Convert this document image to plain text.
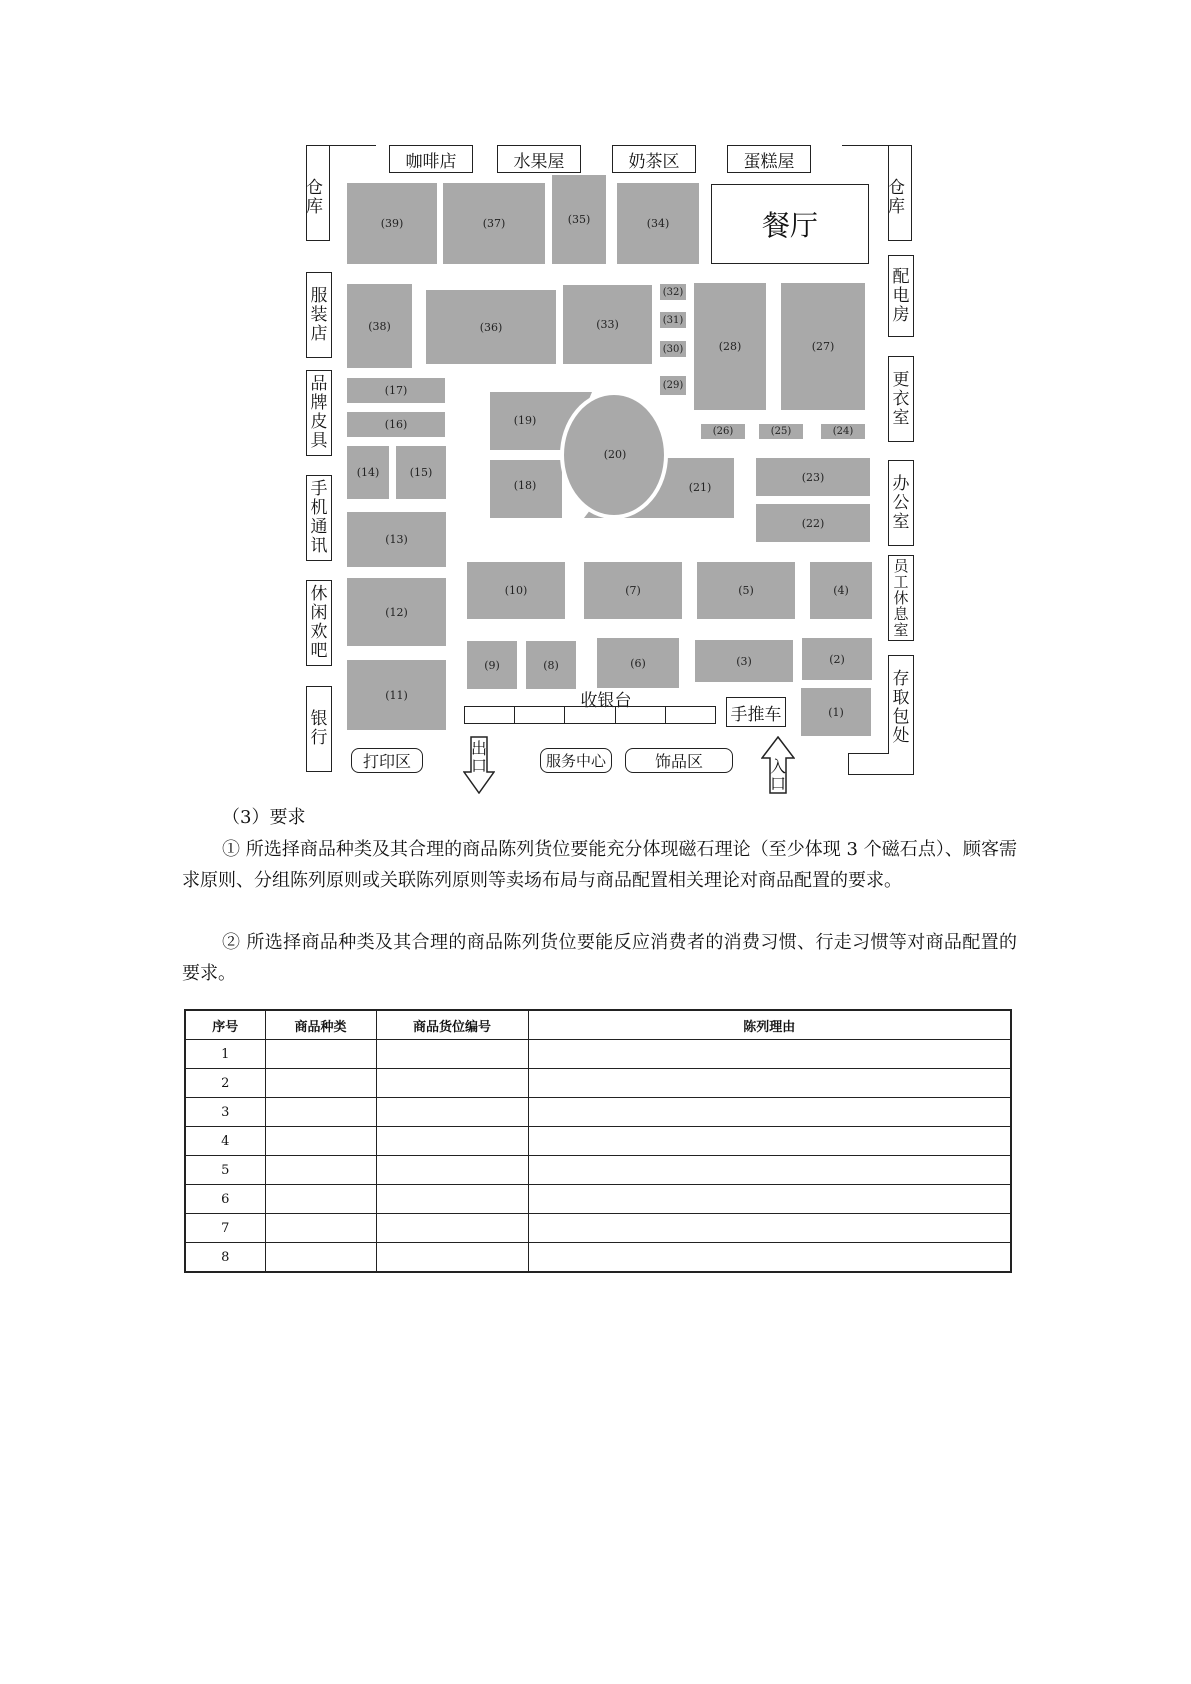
仓库
仓库
咖啡店	水果屋	奶茶区	蛋糕屋
餐厅
服装店
品牌皮具
手机通讯
休闲欢吧
银行
配电房
更衣室
办公室
员工休息室
存取包处
(39)	(37)	(35)	(34)
(38)	(36)	(33)
(32)
(31)
(30)
(29)
(28)	(27)
(26)	(25)	(24)
(17)
(16)
(14)	(15)
(19)
(18)
(20)
(21)
(23)
(22)
(13)
(12)
(11)
(10)	(7)	(5)	(4)
(9)	(8)	(6)	(3)	(2)
(1)
收银台
手推车
打印区	服务中心	饰品区
出口	入口
（3）要求
① 所选择商品种类及其合理的商品陈列货位要能充分体现磁石理论（至少体现 3 个磁石点）、顾客需求原则、分组陈列原则或关联陈列原则等卖场布局与商品配置相关理论对商品配置的要求。
② 所选择商品种类及其合理的商品陈列货位要能反应消费者的消费习惯、行走习惯等对商品配置的要求。
序号	商品种类	商品货位编号	陈列理由
1			
2			
3			
4			
5			
6			
7			
8			
